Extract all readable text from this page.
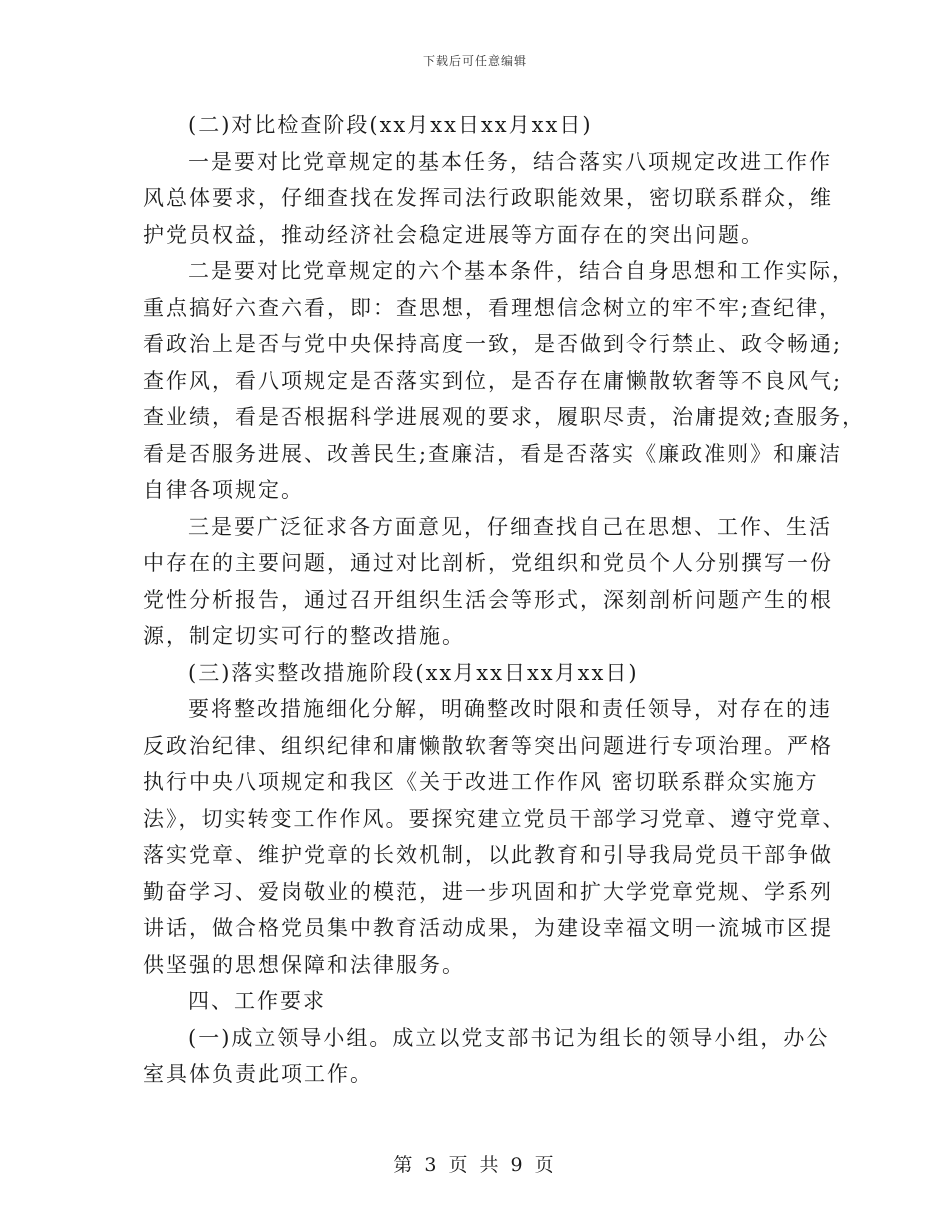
下载后可任意编辑
(二)对比检查阶段(xx月xx日xx月xx日)
一是要对比党章规定的基本任务，结合落实八项规定改进工作作
风总体要求，仔细查找在发挥司法行政职能效果，密切联系群众，维
护党员权益，推动经济社会稳定进展等方面存在的突出问题。
二是要对比党章规定的六个基本条件，结合自身思想和工作实际，
重点搞好六查六看，即：查思想，看理想信念树立的牢不牢;查纪律，
看政治上是否与党中央保持高度一致，是否做到令行禁止、政令畅通;
查作风，看八项规定是否落实到位，是否存在庸懒散软奢等不良风气;
查业绩，看是否根据科学进展观的要求，履职尽责，治庸提效;查服务，
看是否服务进展、改善民生;查廉洁，看是否落实《廉政准则》和廉洁
自律各项规定。
三是要广泛征求各方面意见，仔细查找自己在思想、工作、生活
中存在的主要问题，通过对比剖析，党组织和党员个人分别撰写一份
党性分析报告，通过召开组织生活会等形式，深刻剖析问题产生的根
源，制定切实可行的整改措施。
(三)落实整改措施阶段(xx月xx日xx月xx日)
要将整改措施细化分解，明确整改时限和责任领导，对存在的违
反政治纪律、组织纪律和庸懒散软奢等突出问题进行专项治理。严格
执行中央八项规定和我区《关于改进工作作风 密切联系群众实施方
法》，切实转变工作作风。要探究建立党员干部学习党章、遵守党章、
落实党章、维护党章的长效机制，以此教育和引导我局党员干部争做
勤奋学习、爱岗敬业的模范，进一步巩固和扩大学党章党规、学系列
讲话，做合格党员集中教育活动成果，为建设幸福文明一流城市区提
供坚强的思想保障和法律服务。
四、工作要求
(一)成立领导小组。成立以党支部书记为组长的领导小组，办公
室具体负责此项工作。
第 3 页 共 9 页
